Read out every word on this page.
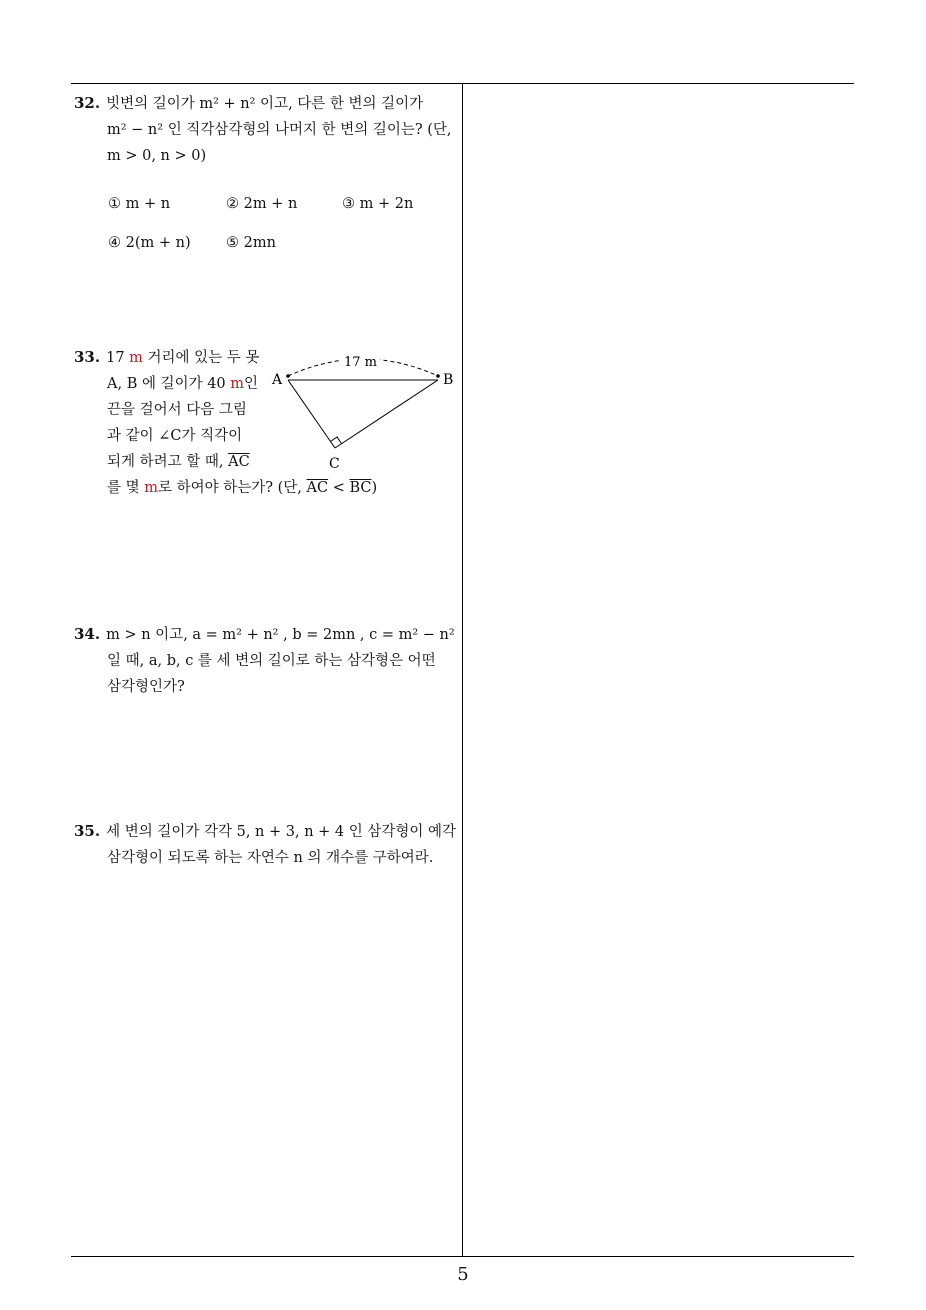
32. 빗변의 길이가 m² + n² 이고, 다른 한 변의 길이가
m² − n² 인 직각삼각형의 나머지 한 변의 길이는? (단,
m > 0, n > 0)
① m + n	② 2m + n	③ m + 2n
④ 2(m + n) ⑤ 2mn
33. 17 m 거리에 있는 두 못
A, B 에 길이가 40 m인
끈을 걸어서 다음 그림
과 같이 ∠C가 직각이
되게 하려고 할 때, $\overline{AC}$
를 몇 m로 하여야 하는가? (단, $\overline{AC} < \overline{BC}$)
17 m
A	B
C
34. m > n 이고, a = m² + n² , b = 2mn , c = m² − n²
일 때, a, b, c 를 세 변의 길이로 하는 삼각형은 어떤
삼각형인가?
35. 세 변의 길이가 각각 5, n + 3, n + 4 인 삼각형이 예각
삼각형이 되도록 하는 자연수 n 의 개수를 구하여라.
5
